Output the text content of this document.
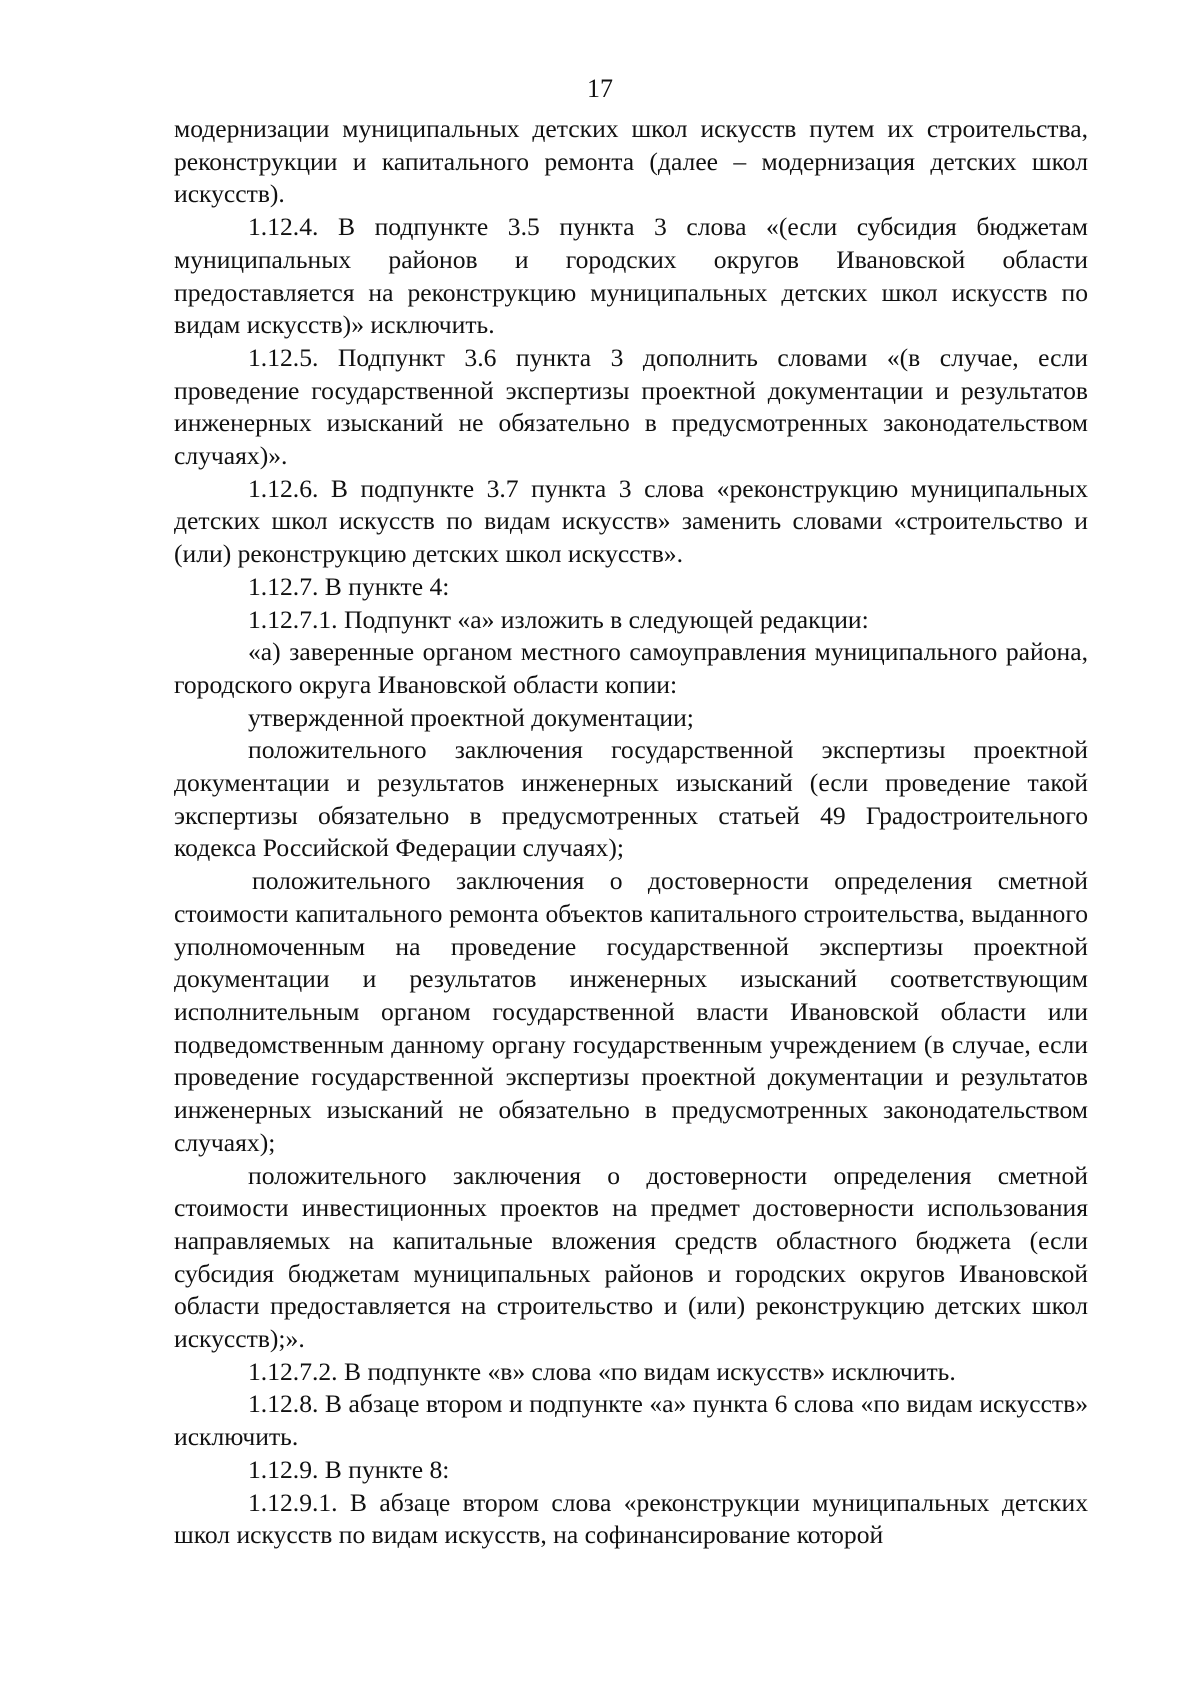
17

модернизации муниципальных детских школ искусств путем их строительства, реконструкции и капитального ремонта (далее – модернизация детских школ искусств).

1.12.4. В подпункте 3.5 пункта 3 слова «(если субсидия бюджетам муниципальных районов и городских округов Ивановской области предоставляется на реконструкцию муниципальных детских школ искусств по видам искусств)» исключить.

1.12.5. Подпункт 3.6 пункта 3 дополнить словами «(в случае, если проведение государственной экспертизы проектной документации и результатов инженерных изысканий не обязательно в предусмотренных законодательством случаях)».

1.12.6. В подпункте 3.7 пункта 3 слова «реконструкцию муниципальных детских школ искусств по видам искусств» заменить словами «строительство и (или) реконструкцию детских школ искусств».

1.12.7. В пункте 4:

1.12.7.1. Подпункт «а» изложить в следующей редакции:

«а) заверенные органом местного самоуправления муниципального района, городского округа Ивановской области копии:

утвержденной проектной документации;

положительного заключения государственной экспертизы проектной документации и результатов инженерных изысканий (если проведение такой экспертизы обязательно в предусмотренных статьей 49 Градостроительного кодекса Российской Федерации случаях);

положительного заключения о достоверности определения сметной стоимости капитального ремонта объектов капитального строительства, выданного уполномоченным на проведение государственной экспертизы проектной документации и результатов инженерных изысканий соответствующим исполнительным органом государственной власти Ивановской области или подведомственным данному органу государственным учреждением (в случае, если проведение государственной экспертизы проектной документации и результатов инженерных изысканий не обязательно в предусмотренных законодательством случаях);

положительного заключения о достоверности определения сметной стоимости инвестиционных проектов на предмет достоверности использования направляемых на капитальные вложения средств областного бюджета (если субсидия бюджетам муниципальных районов и городских округов Ивановской области предоставляется на строительство и (или) реконструкцию детских школ искусств);».

1.12.7.2. В подпункте «в» слова «по видам искусств» исключить.

1.12.8. В абзаце втором и подпункте «а» пункта 6 слова «по видам искусств» исключить.

1.12.9. В пункте 8:

1.12.9.1. В абзаце втором слова «реконструкции муниципальных детских школ искусств по видам искусств, на софинансирование которой
